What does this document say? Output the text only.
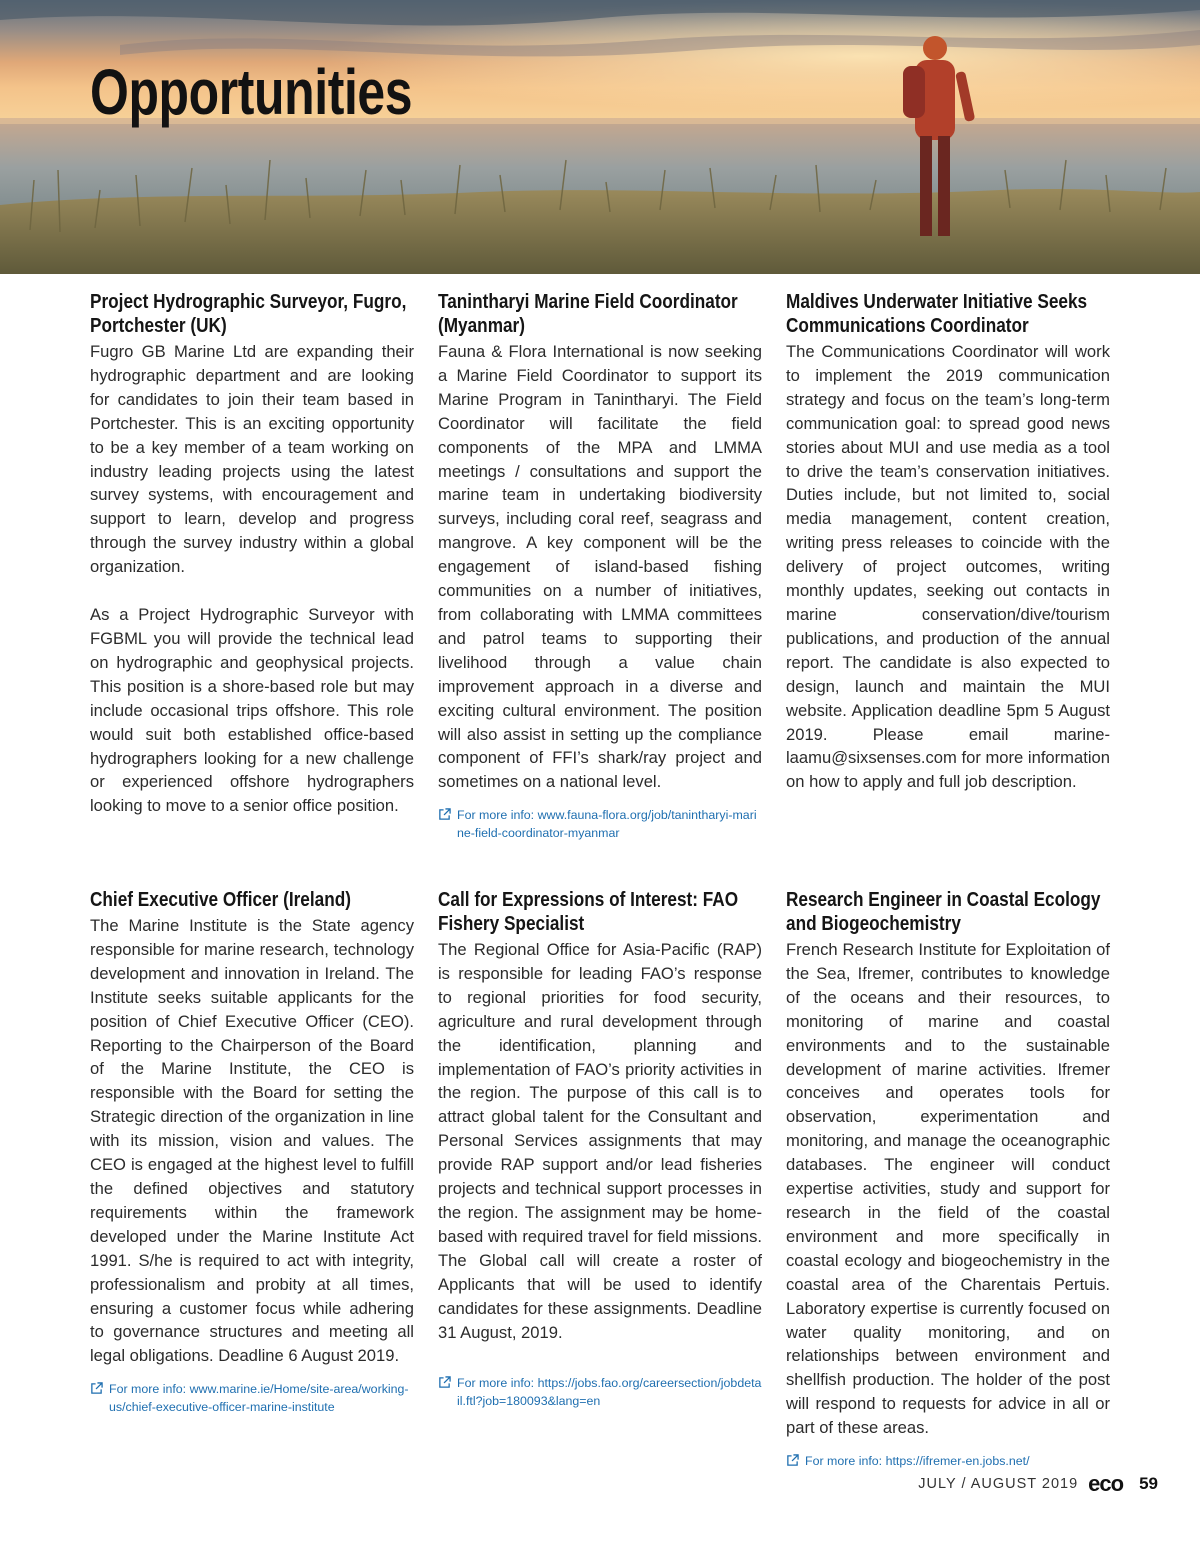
Opportunities
Project Hydrographic Surveyor, Fugro, Portchester (UK)

Fugro GB Marine Ltd are expanding their hydrographic department and are looking for candidates to join their team based in Portchester. This is an exciting opportunity to be a key member of a team working on industry leading projects using the latest survey systems, with encouragement and support to learn, develop and progress through the survey industry within a global organization.

As a Project Hydrographic Surveyor with FGBML you will provide the technical lead on hydrographic and geophysical projects. This position is a shore-based role but may include occasional trips offshore. This role would suit both established office-based hydrographers looking for a new challenge or experienced offshore hydrographers looking to move to a senior office position.

Tanintharyi Marine Field Coordinator (Myanmar)

Fauna & Flora International is now seeking a Marine Field Coordinator to support its Marine Program in Tanintharyi. The Field Coordinator will facilitate the field components of the MPA and LMMA meetings / consultations and support the marine team in undertaking biodiversity surveys, including coral reef, seagrass and mangrove. A key component will be the engagement of island-based fishing communities on a number of initiatives, from collaborating with LMMA committees and patrol teams to supporting their livelihood through a value chain improvement approach in a diverse and exciting cultural environment. The position will also assist in setting up the compliance component of FFI’s shark/ray project and sometimes on a national level.

For more info: www.fauna-flora.org/job/tanintharyi-marine-field-coordinator-myanmar
Maldives Underwater Initiative Seeks Communications Coordinator

The Communications Coordinator will work to implement the 2019 communication strategy and focus on the team’s long-term communication goal: to spread good news stories about MUI and use media as a tool to drive the team’s conservation initiatives. Duties include, but not limited to, social media management, content creation, writing press releases to coincide with the delivery of project outcomes, writing monthly updates, seeking out contacts in marine conservation/dive/tourism publications, and production of the annual report. The candidate is also expected to design, launch and maintain the MUI website. Application deadline 5pm 5 August 2019. Please email marine-laamu@sixsenses.com for more information on how to apply and full job description.

Chief Executive Officer (Ireland)

The Marine Institute is the State agency responsible for marine research, technology development and innovation in Ireland. The Institute seeks suitable applicants for the position of Chief Executive Officer (CEO). Reporting to the Chairperson of the Board of the Marine Institute, the CEO is responsible with the Board for setting the Strategic direction of the organization in line with its mission, vision and values. The CEO is engaged at the highest level to fulfill the defined objectives and statutory requirements within the framework developed under the Marine Institute Act 1991. S/he is required to act with integrity, professionalism and probity at all times, ensuring a customer focus while adhering to governance structures and meeting all legal obligations. Deadline 6 August 2019.

For more info: www.marine.ie/Home/site-area/working-us/chief-executive-officer-marine-institute
Call for Expressions of Interest: FAO Fishery Specialist

The Regional Office for Asia-Pacific (RAP) is responsible for leading FAO’s response to regional priorities for food security, agriculture and rural development through the identification, planning and implementation of FAO’s priority activities in the region. The purpose of this call is to attract global talent for the Consultant and Personal Services assignments that may provide RAP support and/or lead fisheries projects and technical support processes in the region. The assignment may be home-based with required travel for field missions. The Global call will create a roster of Applicants that will be used to identify candidates for these assignments. Deadline 31 August, 2019.

For more info: https://jobs.fao.org/careersection/jobdetail.ftl?job=180093&lang=en
Research Engineer in Coastal Ecology and Biogeochemistry

French Research Institute for Exploitation of the Sea, Ifremer, contributes to knowledge of the oceans and their resources, to monitoring of marine and coastal environments and to the sustainable development of marine activities. Ifremer conceives and operates tools for observation, experimentation and monitoring, and manage the oceanographic databases. The engineer will conduct expertise activities, study and support for research in the field of the coastal environment and more specifically in coastal ecology and biogeochemistry in the coastal area of the Charentais Pertuis. Laboratory expertise is currently focused on water quality monitoring, and on relationships between environment and shellfish production. The holder of the post will respond to requests for advice in all or part of these areas.

For more info: https://ifremer-en.jobs.net/
JULY / AUGUST 2019 eco 59
